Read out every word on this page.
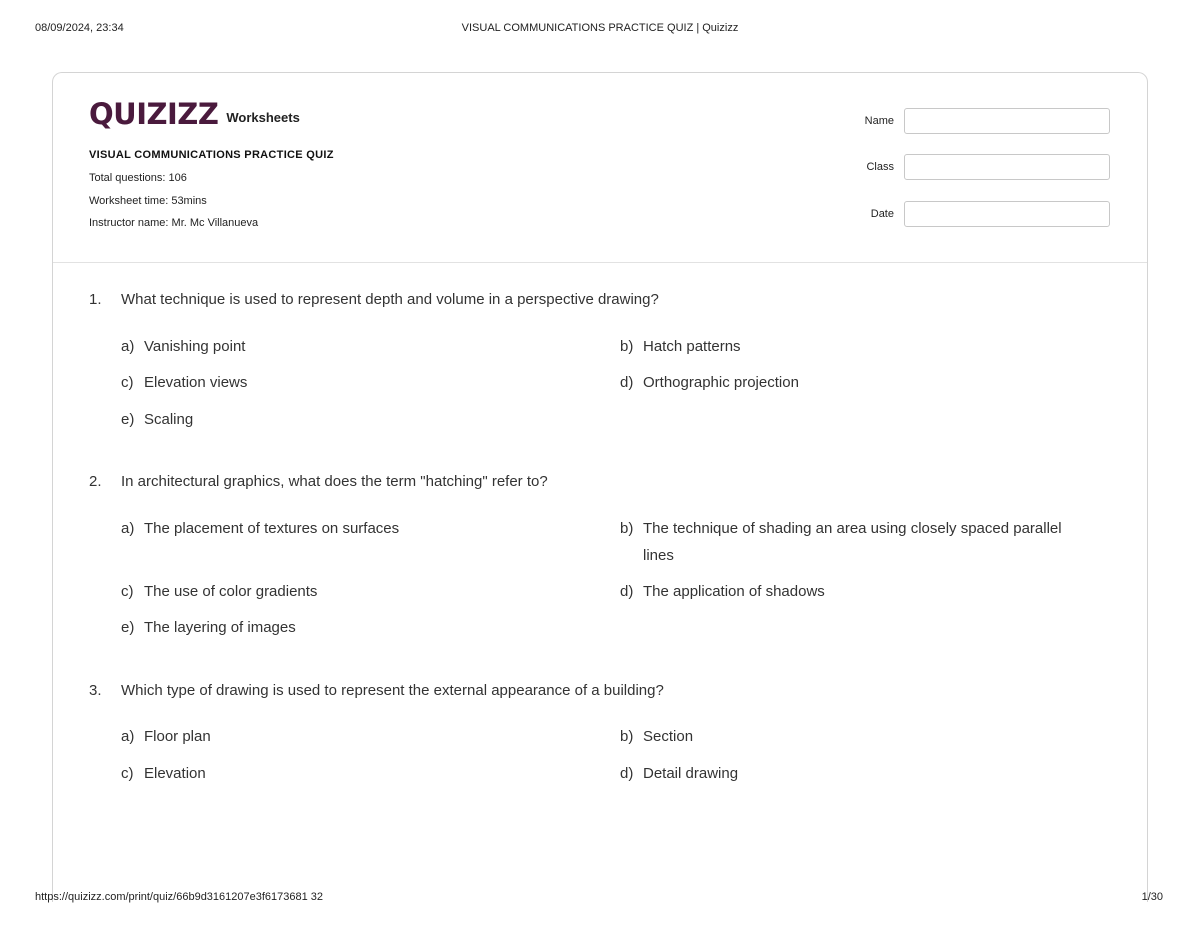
08/09/2024, 23:34	VISUAL COMMUNICATIONS PRACTICE QUIZ | Quizizz
QUIZIZZ Worksheets
VISUAL COMMUNICATIONS PRACTICE QUIZ
Total questions: 106
Worksheet time: 53mins
Instructor name: Mr. Mc Villanueva
Name
Class
Date
1.	What technique is used to represent depth and volume in a perspective drawing?
a) Vanishing point	b) Hatch patterns
c) Elevation views	d) Orthographic projection
e) Scaling
2.	In architectural graphics, what does the term "hatching" refer to?
a) The placement of textures on surfaces	b) The technique of shading an area using closely spaced parallel lines
c) The use of color gradients	d) The application of shadows
e) The layering of images
3.	Which type of drawing is used to represent the external appearance of a building?
a) Floor plan	b) Section
c) Elevation	d) Detail drawing
https://quizizz.com/print/quiz/66b9d3161207e3f6173681 32	1/30
